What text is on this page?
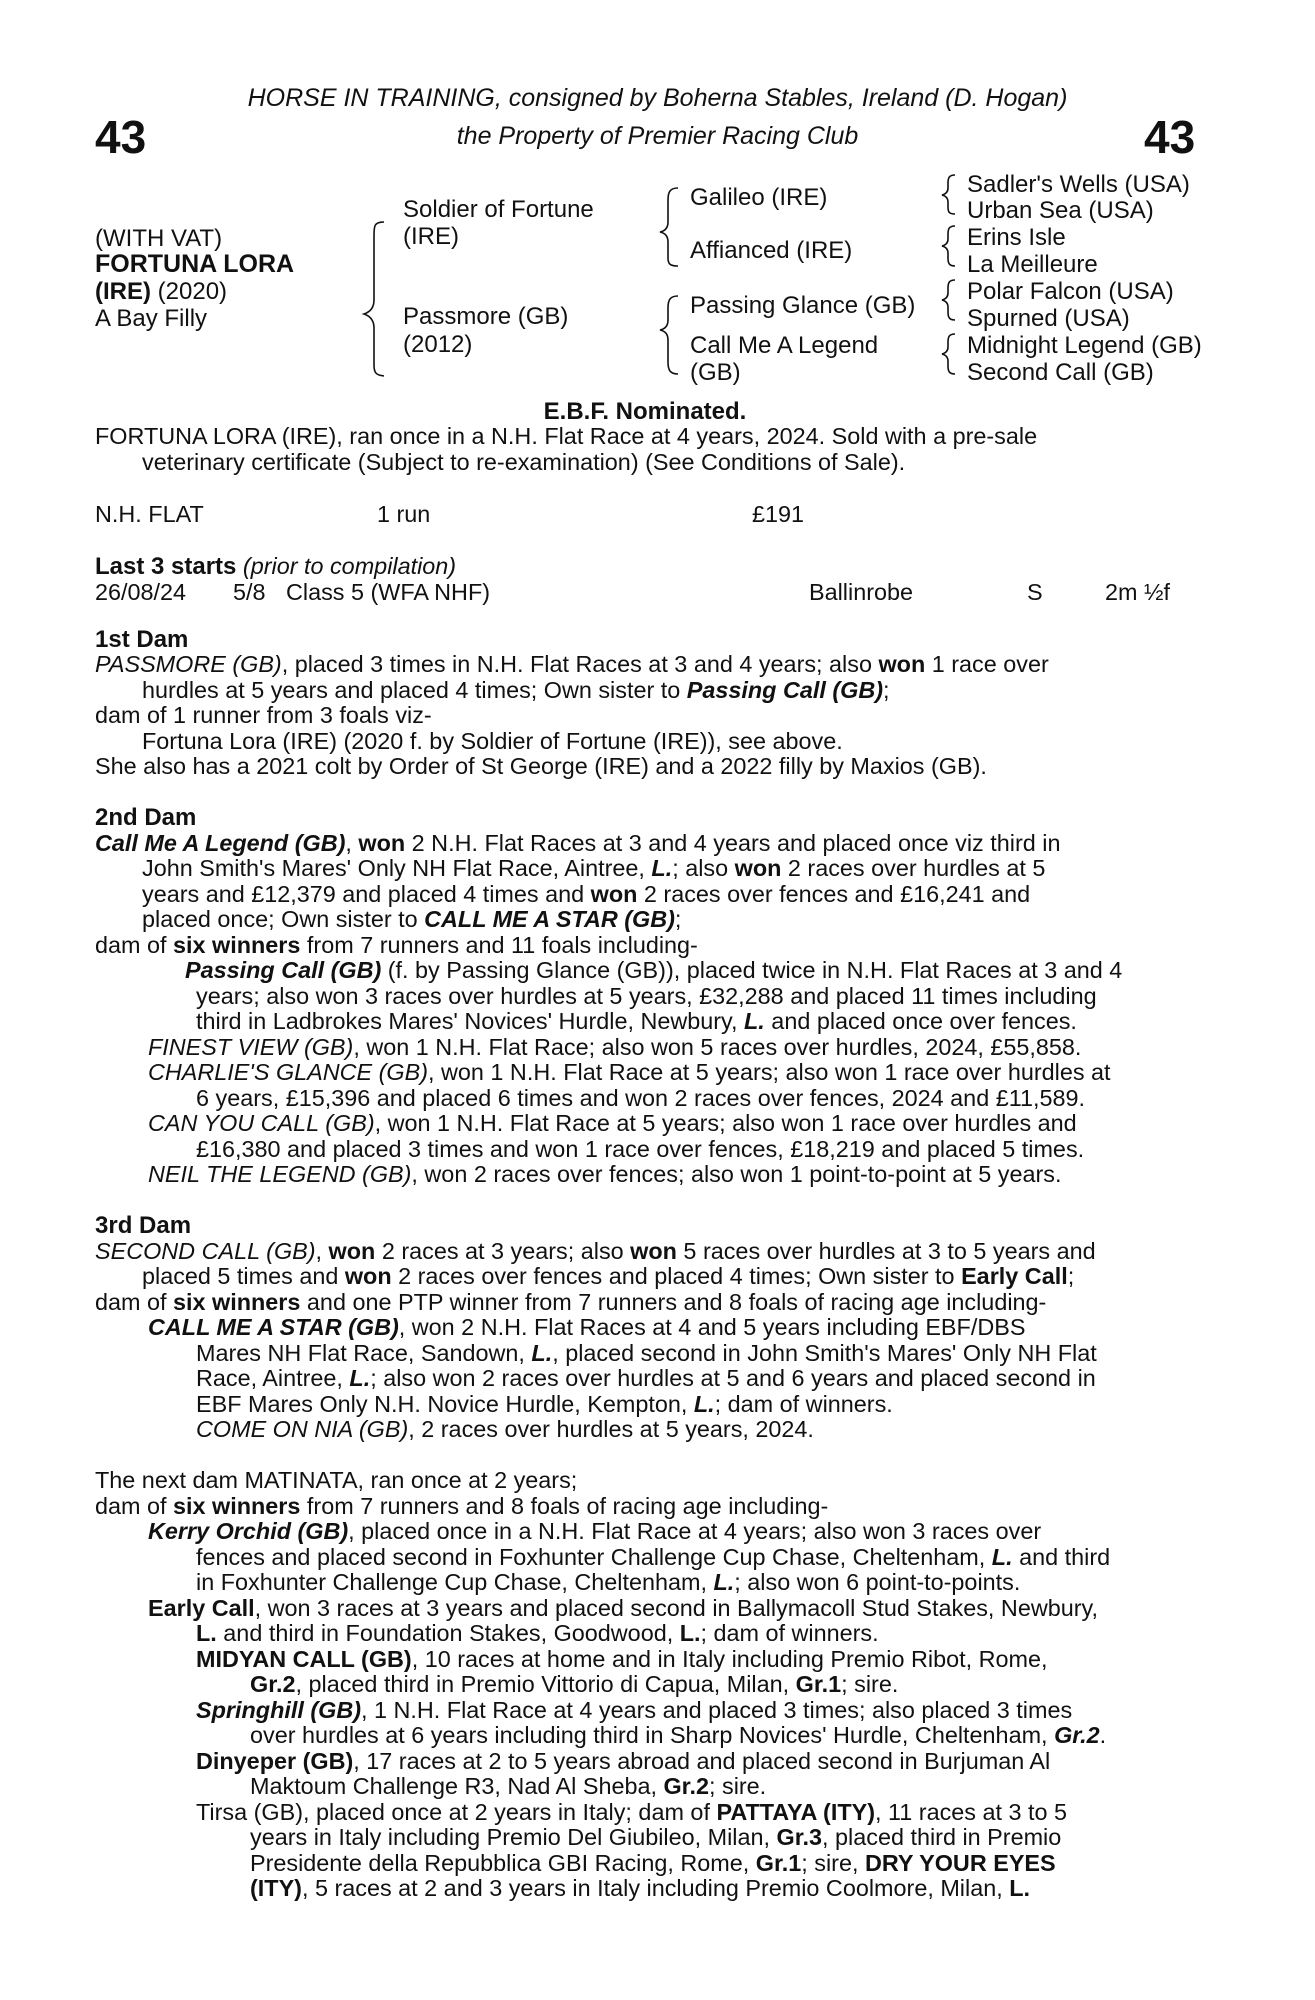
43	43
HORSE IN TRAINING, consigned by Boherna Stables, Ireland (D. Hogan)
the Property of Premier Racing Club
(WITH VAT)
FORTUNA LORA
(IRE) (2020)
A Bay Filly
Soldier of Fortune
(IRE)
Passmore (GB)
(2012)
Galileo (IRE)
Affianced (IRE)
Passing Glance (GB)
Call Me A Legend
(GB)
Sadler's Wells (USA)
Urban Sea (USA)
Erins Isle
La Meilleure
Polar Falcon (USA)
Spurned (USA)
Midnight Legend (GB)
Second Call (GB)
E.B.F. Nominated.
FORTUNA LORA (IRE), ran once in a N.H. Flat Race at 4 years, 2024. Sold with a pre-sale
veterinary certificate (Subject to re-examination) (See Conditions of Sale).
N.H. FLAT	1 run	£191
Last 3 starts (prior to compilation)
26/08/24 5/8 Class 5 (WFA NHF)	Ballinrobe	S	2m ½f
1st Dam
PASSMORE (GB), placed 3 times in N.H. Flat Races at 3 and 4 years; also won 1 race over
hurdles at 5 years and placed 4 times; Own sister to Passing Call (GB);
dam of 1 runner from 3 foals viz-
Fortuna Lora (IRE) (2020 f. by Soldier of Fortune (IRE)), see above.
She also has a 2021 colt by Order of St George (IRE) and a 2022 filly by Maxios (GB).
2nd Dam
Call Me A Legend (GB), won 2 N.H. Flat Races at 3 and 4 years and placed once viz third in
John Smith's Mares' Only NH Flat Race, Aintree, L.; also won 2 races over hurdles at 5
years and £12,379 and placed 4 times and won 2 races over fences and £16,241 and
placed once; Own sister to CALL ME A STAR (GB);
dam of six winners from 7 runners and 11 foals including-
Passing Call (GB) (f. by Passing Glance (GB)), placed twice in N.H. Flat Races at 3 and 4
years; also won 3 races over hurdles at 5 years, £32,288 and placed 11 times including
third in Ladbrokes Mares' Novices' Hurdle, Newbury, L. and placed once over fences.
FINEST VIEW (GB), won 1 N.H. Flat Race; also won 5 races over hurdles, 2024, £55,858.
CHARLIE'S GLANCE (GB), won 1 N.H. Flat Race at 5 years; also won 1 race over hurdles at
6 years, £15,396 and placed 6 times and won 2 races over fences, 2024 and £11,589.
CAN YOU CALL (GB), won 1 N.H. Flat Race at 5 years; also won 1 race over hurdles and
£16,380 and placed 3 times and won 1 race over fences, £18,219 and placed 5 times.
NEIL THE LEGEND (GB), won 2 races over fences; also won 1 point-to-point at 5 years.
3rd Dam
SECOND CALL (GB), won 2 races at 3 years; also won 5 races over hurdles at 3 to 5 years and
placed 5 times and won 2 races over fences and placed 4 times; Own sister to Early Call;
dam of six winners and one PTP winner from 7 runners and 8 foals of racing age including-
CALL ME A STAR (GB), won 2 N.H. Flat Races at 4 and 5 years including EBF/DBS
Mares NH Flat Race, Sandown, L., placed second in John Smith's Mares' Only NH Flat
Race, Aintree, L.; also won 2 races over hurdles at 5 and 6 years and placed second in
EBF Mares Only N.H. Novice Hurdle, Kempton, L.; dam of winners.
COME ON NIA (GB), 2 races over hurdles at 5 years, 2024.
The next dam MATINATA, ran once at 2 years;
dam of six winners from 7 runners and 8 foals of racing age including-
Kerry Orchid (GB), placed once in a N.H. Flat Race at 4 years; also won 3 races over
fences and placed second in Foxhunter Challenge Cup Chase, Cheltenham, L. and third
in Foxhunter Challenge Cup Chase, Cheltenham, L.; also won 6 point-to-points.
Early Call, won 3 races at 3 years and placed second in Ballymacoll Stud Stakes, Newbury,
L. and third in Foundation Stakes, Goodwood, L.; dam of winners.
MIDYAN CALL (GB), 10 races at home and in Italy including Premio Ribot, Rome,
Gr.2, placed third in Premio Vittorio di Capua, Milan, Gr.1; sire.
Springhill (GB), 1 N.H. Flat Race at 4 years and placed 3 times; also placed 3 times
over hurdles at 6 years including third in Sharp Novices' Hurdle, Cheltenham, Gr.2.
Dinyeper (GB), 17 races at 2 to 5 years abroad and placed second in Burjuman Al
Maktoum Challenge R3, Nad Al Sheba, Gr.2; sire.
Tirsa (GB), placed once at 2 years in Italy; dam of PATTAYA (ITY), 11 races at 3 to 5
years in Italy including Premio Del Giubileo, Milan, Gr.3, placed third in Premio
Presidente della Repubblica GBI Racing, Rome, Gr.1; sire, DRY YOUR EYES
(ITY), 5 races at 2 and 3 years in Italy including Premio Coolmore, Milan, L.
